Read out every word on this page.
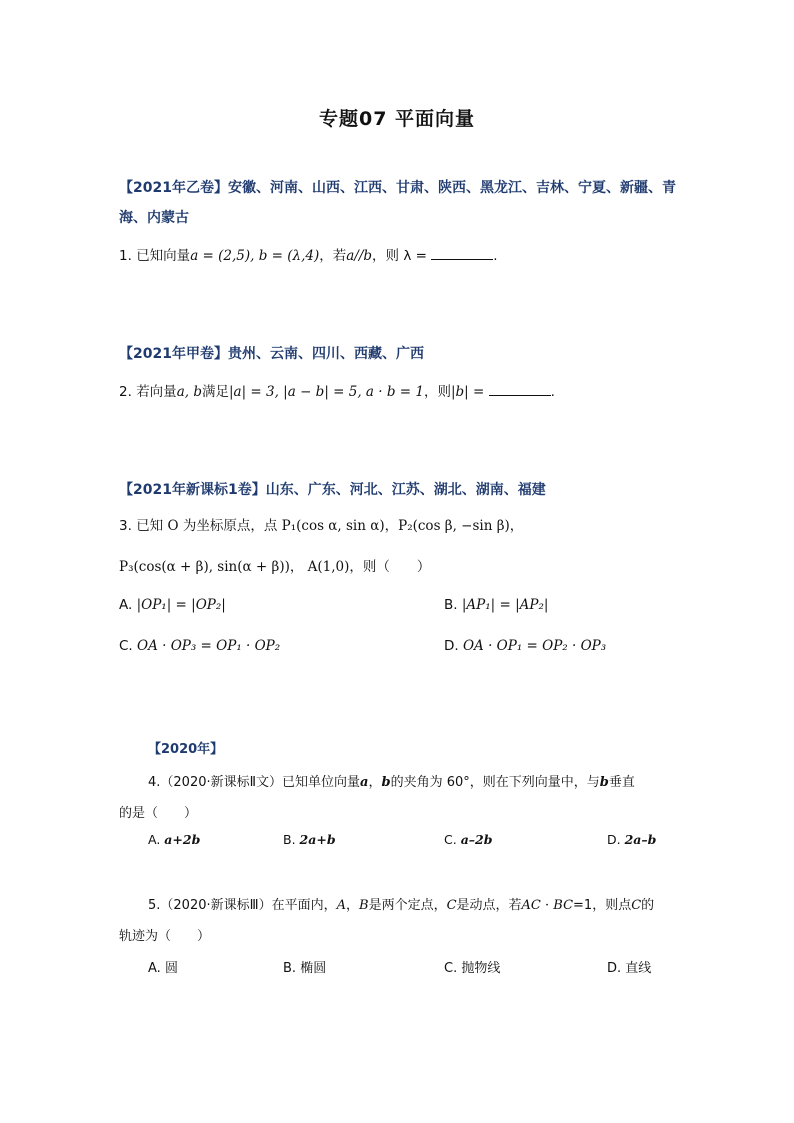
专题07 平面向量
【2021年乙卷】安徽、河南、山西、江西、甘肃、陕西、黑龙江、吉林、宁夏、新疆、青
海、内蒙古
1. 已知向量a = (2,5), b = (λ,4)，若a//b，则 λ =	.
【2021年甲卷】贵州、云南、四川、西藏、广西
2. 若向量a, b满足|a| = 3, |a − b| = 5, a · b = 1，则|b| =	.
【2021年新课标1卷】山东、广东、河北、江苏、湖北、湖南、福建
3. 已知 O 为坐标原点，点 P₁(cos α, sin α)，P₂(cos β, −sin β)，
P₃(cos(α + β), sin(α + β))， A(1,0)，则（　　）
A. |OP₁| = |OP₂|	B. |AP₁| = |AP₂|
C. OA · OP₃ = OP₁ · OP₂	D. OA · OP₁ = OP₂ · OP₃
【2020年】
4.（2020·新课标Ⅱ文）已知单位向量a，b的夹角为 60°，则在下列向量中，与b垂直
的是（　　）
A. a+2b	B. 2a+b	C. a–2b	D. 2a–b
5.（2020·新课标Ⅲ）在平面内，A，B是两个定点，C是动点，若AC · BC=1，则点C的
轨迹为（　　）
A. 圆	B. 椭圆	C. 抛物线	D. 直线
